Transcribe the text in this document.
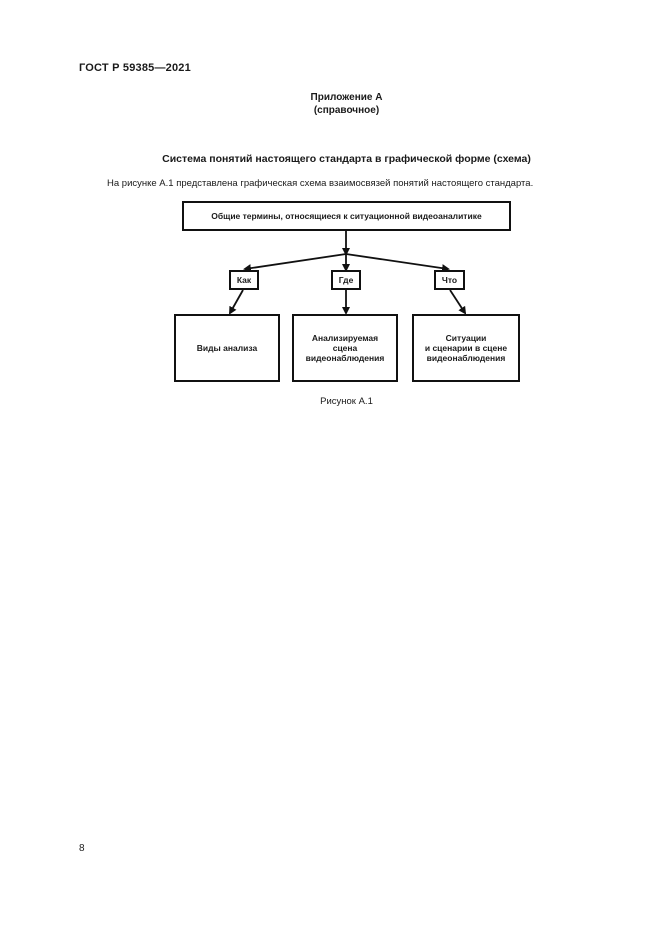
ГОСТ Р 59385—2021
Приложение А
(справочное)
Система понятий настоящего стандарта в графической форме (схема)
На рисунке А.1 представлена графическая схема взаимосвязей понятий настоящего стандарта.
Общие термины, относящиеся к ситуационной видеоаналитике
Как	Где	Что
Виды анализа
Анализируемая
сцена
видеонаблюдения
Ситуации
и сценарии в сцене
видеонаблюдения
Рисунок А.1
8
